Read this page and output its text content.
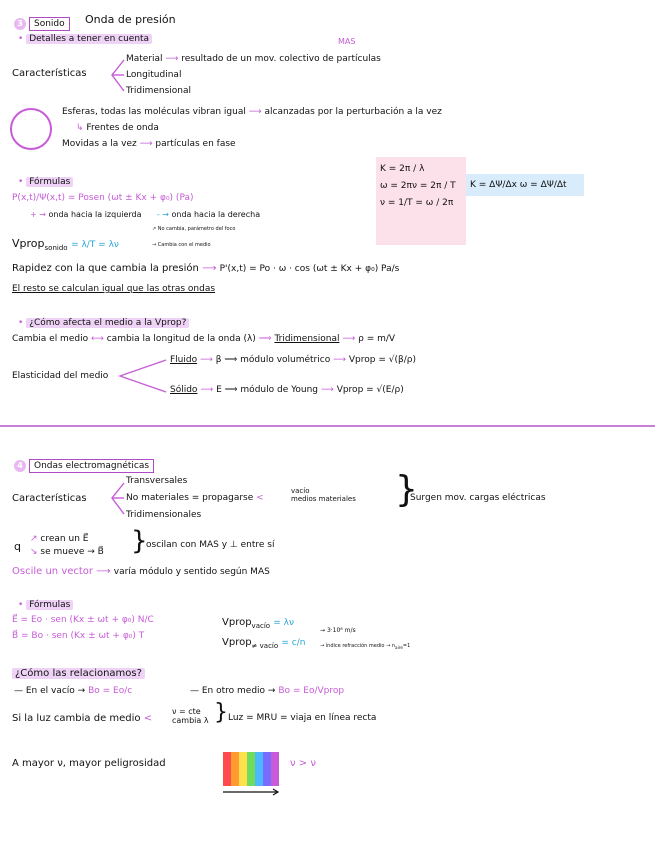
3 Sonido	Onda de presión
• Detalles a tener en cuenta	MAS
Características
Material ⟶ resultado de un mov. colectivo de partículas
Longitudinal
Tridimensional
Esferas, todas las moléculas vibran igual ⟶ alcanzadas por la perturbación a la vez
↳ Frentes de onda
Movidas a la vez ⟶ partículas en fase
• Fórmulas
P(x,t)/Ψ(x,t) = Posen (ωt ± Kx + φ₀) (Pa)
+ → onda hacia la izquierda - → onda hacia la derecha
K = 2π / λ
ω = 2πν = 2π / T
ν = 1/T = ω / 2π
K = ΔΨ/Δx ω = ΔΨ/Δt
Vprop$_{sonido}$ = λ/T = λν
↗ No cambia, parámetro del foco
→ Cambia con el medio
Rapidez con la que cambia la presión ⟶ P'(x,t) = Po · ω · cos (ωt ± Kx + φ₀) Pa/s
El resto se calculan igual que las otras ondas
• ¿Cómo afecta el medio a la Vprop?
Cambia el medio ⟷ cambia la longitud de la onda (λ) ⟹ Tridimensional ⟶ ρ = m/V
Elasticidad del medio
Fluido ⟶ β ⟹ módulo volumétrico ⟶ Vprop = √(β/ρ)
Sólido ⟶ E ⟹ módulo de Young ⟶ Vprop = √(E/ρ)
4 Ondas electromagnéticas
Características
Transversales
No materiales = propagarse <
vacío
medios materiales }
Surgen mov. cargas eléctricas
Tridimensionales
q
↗ crean un E⃗
↘ se mueve → B⃗ }
oscilan con MAS y ⊥ entre sí
Oscile un vector ⟶ varía módulo y sentido según MAS
• Fórmulas
E⃗ = Eo · sen (Kx ± ωt + φ₀) N/C
B⃗ = Bo · sen (Kx ± ωt + φ₀) T
Vprop$_{vacío}$ = λν
→ 3·10⁸ m/s
Vprop$_{\ne vacío}$ = c/n	→ índice refracción medio → $n_{aire}=1$
¿Cómo las relacionamos?
— En el vacío → Bo = Eo/c	— En otro medio → Bo = Eo/Vprop
Si la luz cambia de medio <
ν = cte
cambia λ } Luz = MRU = viaja en línea recta
A mayor ν, mayor peligrosidad	ν > ν
